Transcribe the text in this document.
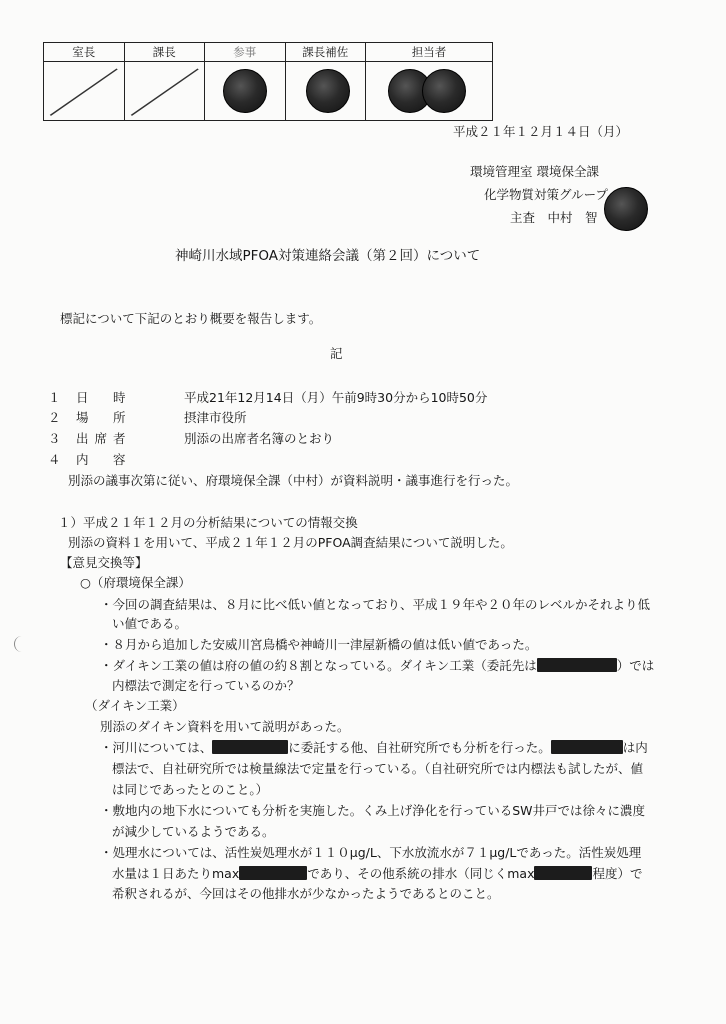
室長	課長	参事	課長補佐	担当者

平成２１年１２月１４日（月）
環境管理室 環境保全課
化学物質対策グループ
主査　中村　智
神崎川水域PFOA対策連絡会議（第２回）について
標記について下記のとおり概要を報告します。
記
１ 日　時	平成21年12月14日（月）午前9時30分から10時50分
２ 場　所	摂津市役所
３ 出席者	別添の出席者名簿のとおり
４ 内　容
別添の議事次第に従い、府環境保全課（中村）が資料説明・議事進行を行った。
１）平成２１年１２月の分析結果についての情報交換
別添の資料１を用いて、平成２１年１２月のPFOA調査結果について説明した。
【意見交換等】
○（府環境保全課）
・今回の調査結果は、８月に比べ低い値となっており、平成１９年や２０年のレベルかそれより低
い値である。
・８月から追加した安威川宮鳥橋や神崎川一津屋新橋の値は低い値であった。
・ダイキン工業の値は府の値の約８割となっている。ダイキン工業（委託先は	）では
内標法で測定を行っているのか？
（ダイキン工業）
別添のダイキン資料を用いて説明があった。
・河川については、	に委託する他、自社研究所でも分析を行った。	は内
標法で、自社研究所では検量線法で定量を行っている。（自社研究所では内標法も試したが、値
は同じであったとのこと。）
・敷地内の地下水についても分析を実施した。くみ上げ浄化を行っているSW井戸では徐々に濃度
が減少しているようである。
・処理水については、活性炭処理水が１１０μg/L、下水放流水が７１μg/Lであった。活性炭処理
水量は１日あたりmax	であり、その他系統の排水（同じくmax	程度）で
希釈されるが、今回はその他排水が少なかったようであるとのこと。
